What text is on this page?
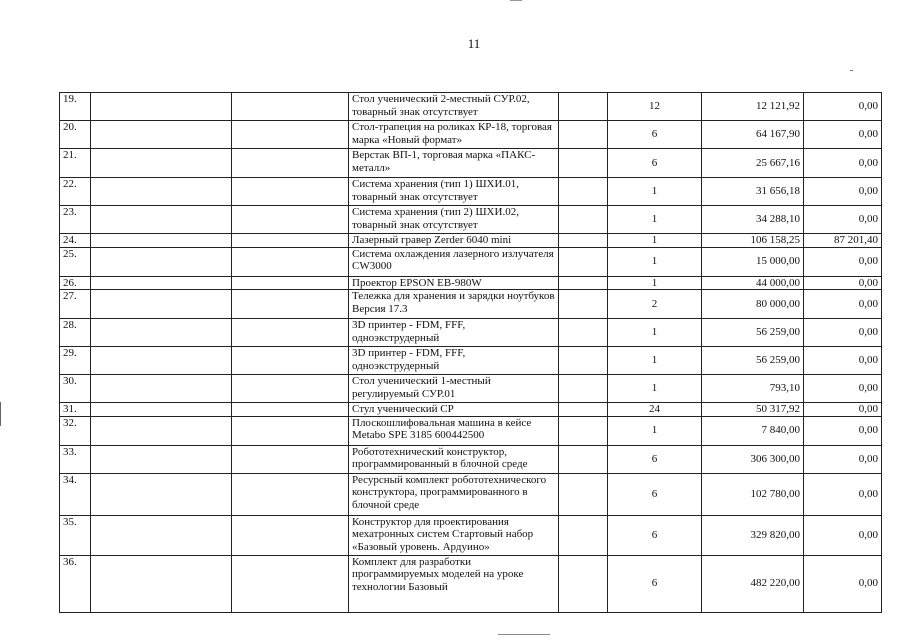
11
19.			Стол ученический 2-местный СУР.02, товарный знак отсутствует		12	12 121,92	0,00
20.			Стол-трапеция на роликах КР-18, торговая марка «Новый формат»		6	64 167,90	0,00
21.			Верстак ВП-1, торговая марка «ПАКС-металл»		6	25 667,16	0,00
22.			Система хранения (тип 1) ШХИ.01, товарный знак отсутствует		1	31 656,18	0,00
23.			Система хранения (тип 2) ШХИ.02, товарный знак отсутствует		1	34 288,10	0,00
24.			Лазерный гравер Zerder 6040 mini		1	106 158,25	87 201,40
25.			Система охлаждения лазерного излучателя CW3000		1	15 000,00	0,00
26.			Проектор EPSON EB-980W		1	44 000,00	0,00
27.			Тележка для хранения и зарядки ноутбуков Версия 17.3		2	80 000,00	0,00
28.			3D принтер - FDM, FFF, одноэкструдерный		1	56 259,00	0,00
29.			3D принтер - FDM, FFF, одноэкструдерный		1	56 259,00	0,00
30.			Стол ученический 1-местный регулируемый СУР.01		1	793,10	0,00
31.			Стул ученический СР		24	50 317,92	0,00
32.			Плоскошлифовальная машина в кейсе Metabo SPE 3185 600442500		1	7 840,00	0,00
33.			Робототехнический конструктор, программированный в блочной среде		6	306 300,00	0,00
34.			Ресурсный комплект робототехнического конструктора, программированного в блочной среде		6	102 780,00	0,00
35.			Конструктор для проектирования мехатронных систем Стартовый набор «Базовый уровень. Ардуино»		6	329 820,00	0,00
36.			Комплект для разработки программируемых моделей на уроке технологии Базовый		6	482 220,00	0,00
